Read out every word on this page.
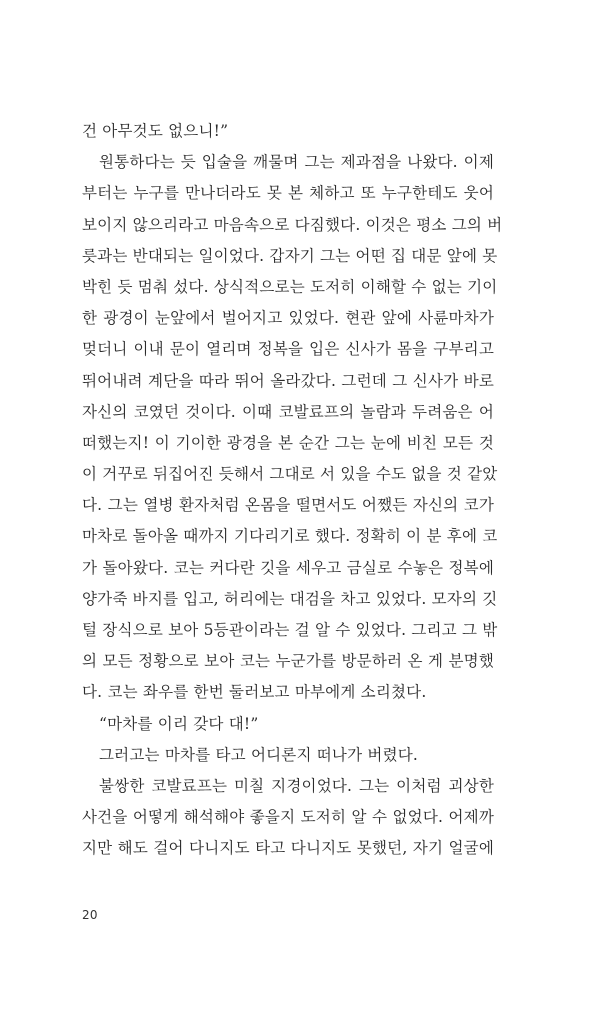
건 아무것도 없으니!”
원통하다는 듯 입술을 깨물며 그는 제과점을 나왔다. 이제
부터는 누구를 만나더라도 못 본 체하고 또 누구한테도 웃어
보이지 않으리라고 마음속으로 다짐했다. 이것은 평소 그의 버
릇과는 반대되는 일이었다. 갑자기 그는 어떤 집 대문 앞에 못
박힌 듯 멈춰 섰다. 상식적으로는 도저히 이해할 수 없는 기이
한 광경이 눈앞에서 벌어지고 있었다. 현관 앞에 사륜마차가
멎더니 이내 문이 열리며 정복을 입은 신사가 몸을 구부리고
뛰어내려 계단을 따라 뛰어 올라갔다. 그런데 그 신사가 바로
자신의 코였던 것이다. 이때 코발료프의 놀람과 두려움은 어
떠했는지! 이 기이한 광경을 본 순간 그는 눈에 비친 모든 것
이 거꾸로 뒤집어진 듯해서 그대로 서 있을 수도 없을 것 같았
다. 그는 열병 환자처럼 온몸을 떨면서도 어쨌든 자신의 코가
마차로 돌아올 때까지 기다리기로 했다. 정확히 이 분 후에 코
가 돌아왔다. 코는 커다란 깃을 세우고 금실로 수놓은 정복에
양가죽 바지를 입고, 허리에는 대검을 차고 있었다. 모자의 깃
털 장식으로 보아 5등관이라는 걸 알 수 있었다. 그리고 그 밖
의 모든 정황으로 보아 코는 누군가를 방문하러 온 게 분명했
다. 코는 좌우를 한번 둘러보고 마부에게 소리쳤다.
“마차를 이리 갖다 대!”
그러고는 마차를 타고 어디론지 떠나가 버렸다.
불쌍한 코발료프는 미칠 지경이었다. 그는 이처럼 괴상한
사건을 어떻게 해석해야 좋을지 도저히 알 수 없었다. 어제까
지만 해도 걸어 다니지도 타고 다니지도 못했던, 자기 얼굴에
20
